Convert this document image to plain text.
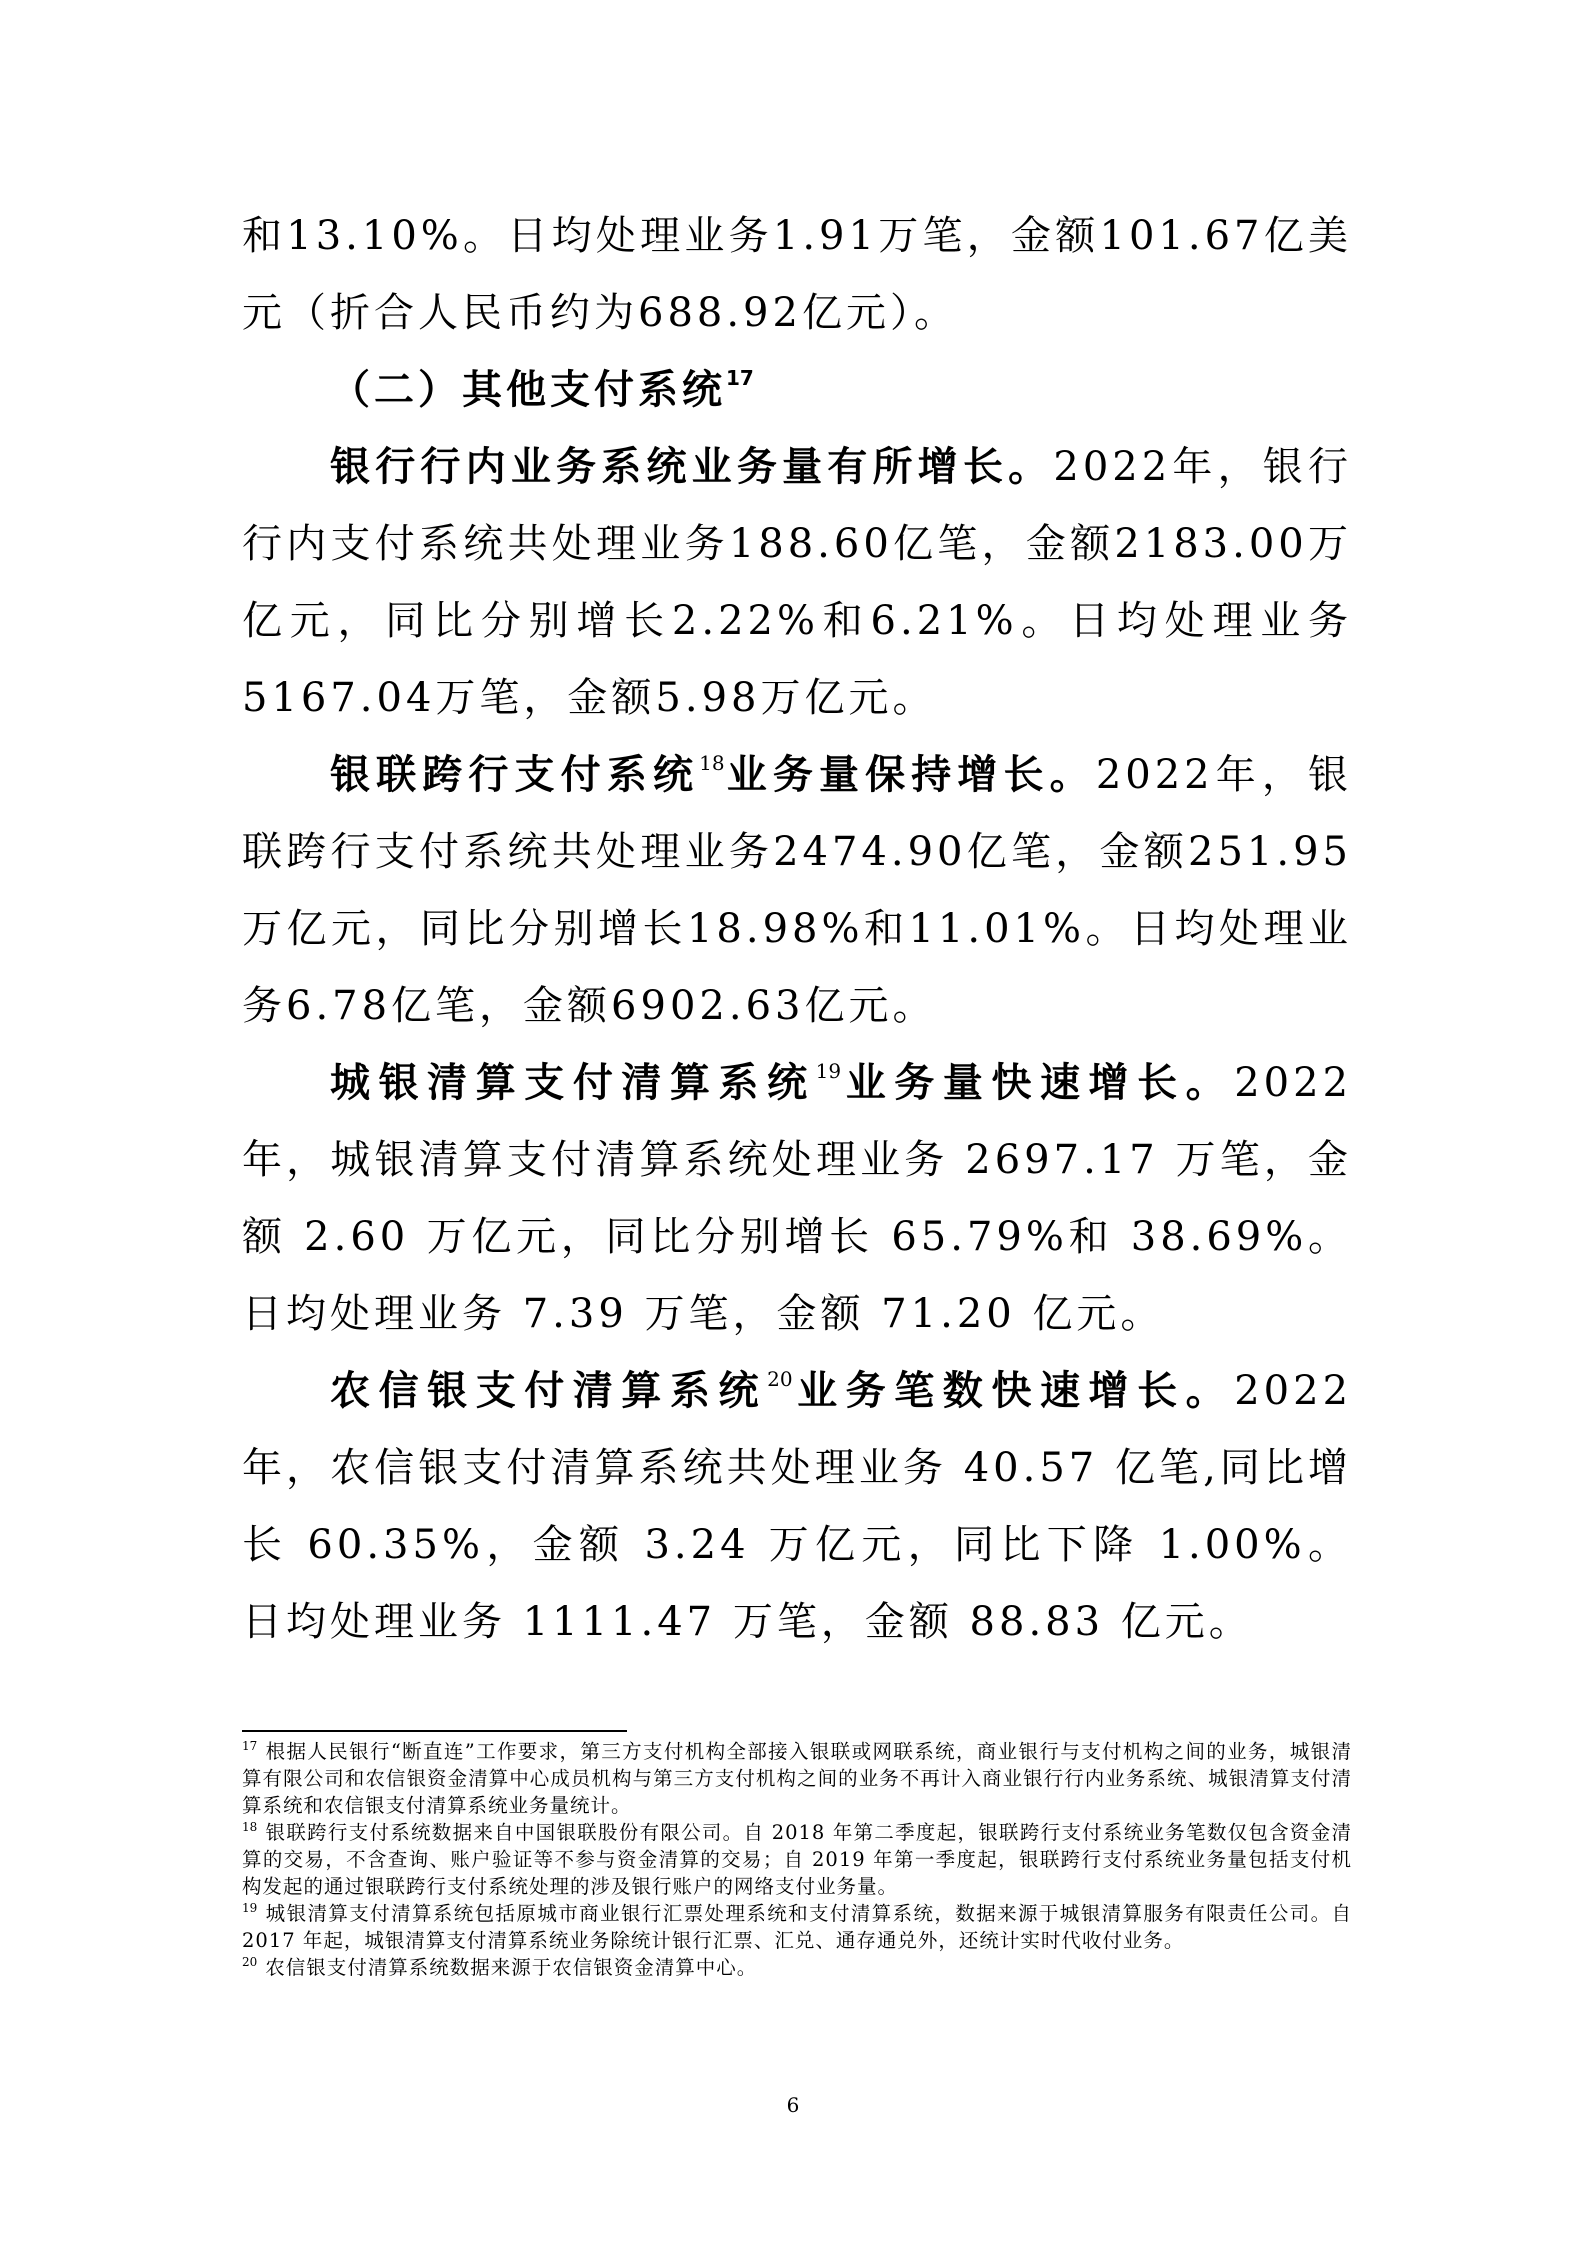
和13.10%。日均处理业务1.91万笔，金额101.67亿美元（折合人民币约为688.92亿元）。

（二）其他支付系统$^{17}$

银行行内业务系统业务量有所增长。2022年，银行行内支付系统共处理业务188.60亿笔，金额2183.00万亿元，同比分别增长2.22%和6.21%。日均处理业务5167.04万笔，金额5.98万亿元。

银联跨行支付系统$^{18}$业务量保持增长。2022年，银联跨行支付系统共处理业务2474.90亿笔，金额251.95万亿元，同比分别增长18.98%和11.01%。日均处理业务6.78亿笔，金额6902.63亿元。

城银清算支付清算系统$^{19}$业务量快速增长。2022 年，城银清算支付清算系统处理业务 2697.17 万笔，金额 2.60 万亿元，同比分别增长 65.79%和 38.69%。日均处理业务 7.39 万笔，金额 71.20 亿元。

农信银支付清算系统$^{20}$业务笔数快速增长。2022 年，农信银支付清算系统共处理业务 40.57 亿笔,同比增长 60.35%，金额 3.24 万亿元，同比下降 1.00%。日均处理业务 1111.47 万笔，金额 88.83 亿元。

$^{17}$ 根据人民银行“断直连”工作要求，第三方支付机构全部接入银联或网联系统，商业银行与支付机构之间的业务，城银清算有限公司和农信银资金清算中心成员机构与第三方支付机构之间的业务不再计入商业银行行内业务系统、城银清算支付清算系统和农信银支付清算系统业务量统计。

$^{18}$ 银联跨行支付系统数据来自中国银联股份有限公司。自 2018 年第二季度起，银联跨行支付系统业务笔数仅包含资金清算的交易，不含查询、账户验证等不参与资金清算的交易；自 2019 年第一季度起，银联跨行支付系统业务量包括支付机构发起的通过银联跨行支付系统处理的涉及银行账户的网络支付业务量。

$^{19}$ 城银清算支付清算系统包括原城市商业银行汇票处理系统和支付清算系统，数据来源于城银清算服务有限责任公司。自 2017 年起，城银清算支付清算系统业务除统计银行汇票、汇兑、通存通兑外，还统计实时代收付业务。

$^{20}$ 农信银支付清算系统数据来源于农信银资金清算中心。

6
